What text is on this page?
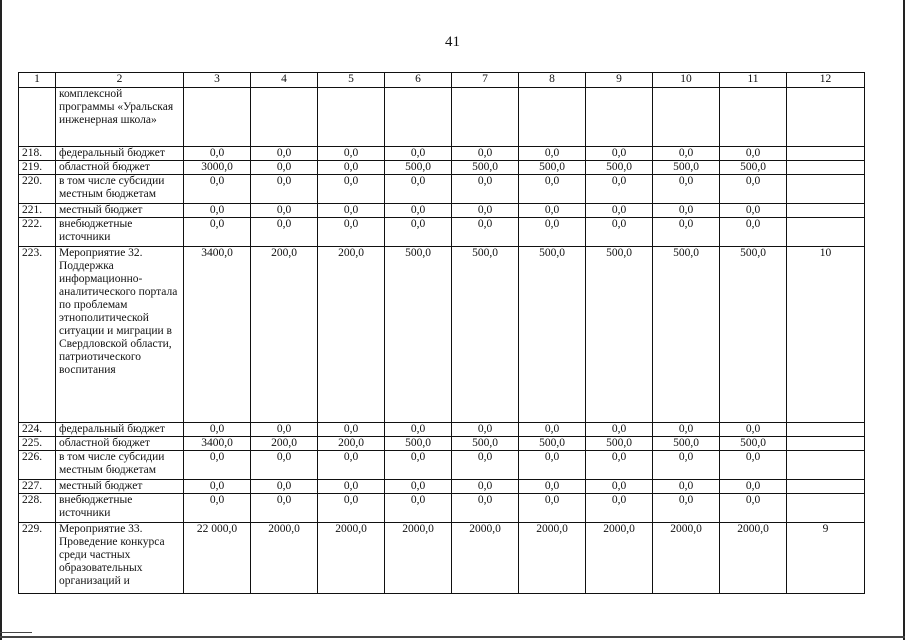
41
1	2	3	4	5	6	7	8	9	10	11	12
	комплексной программы «Уральская инженерная школа»										
218.	федеральный бюджет	0,0	0,0	0,0	0,0	0,0	0,0	0,0	0,0	0,0	
219.	областной бюджет	3000,0	0,0	0,0	500,0	500,0	500,0	500,0	500,0	500,0	
220.	в том числе субсидии местным бюджетам	0,0	0,0	0,0	0,0	0,0	0,0	0,0	0,0	0,0	
221.	местный бюджет	0,0	0,0	0,0	0,0	0,0	0,0	0,0	0,0	0,0	
222.	внебюджетные источники	0,0	0,0	0,0	0,0	0,0	0,0	0,0	0,0	0,0	
223.	Мероприятие 32. Поддержка информационно-аналитического портала по проблемам этнополитической ситуации и миграции в Свердловской области, патриотического воспитания	3400,0	200,0	200,0	500,0	500,0	500,0	500,0	500,0	500,0	10
224.	федеральный бюджет	0,0	0,0	0,0	0,0	0,0	0,0	0,0	0,0	0,0	
225.	областной бюджет	3400,0	200,0	200,0	500,0	500,0	500,0	500,0	500,0	500,0	
226.	в том числе субсидии местным бюджетам	0,0	0,0	0,0	0,0	0,0	0,0	0,0	0,0	0,0	
227.	местный бюджет	0,0	0,0	0,0	0,0	0,0	0,0	0,0	0,0	0,0	
228.	внебюджетные источники	0,0	0,0	0,0	0,0	0,0	0,0	0,0	0,0	0,0	
229.	Мероприятие 33. Проведение конкурса среди частных образовательных организаций и	22 000,0	2000,0	2000,0	2000,0	2000,0	2000,0	2000,0	2000,0	2000,0	9
